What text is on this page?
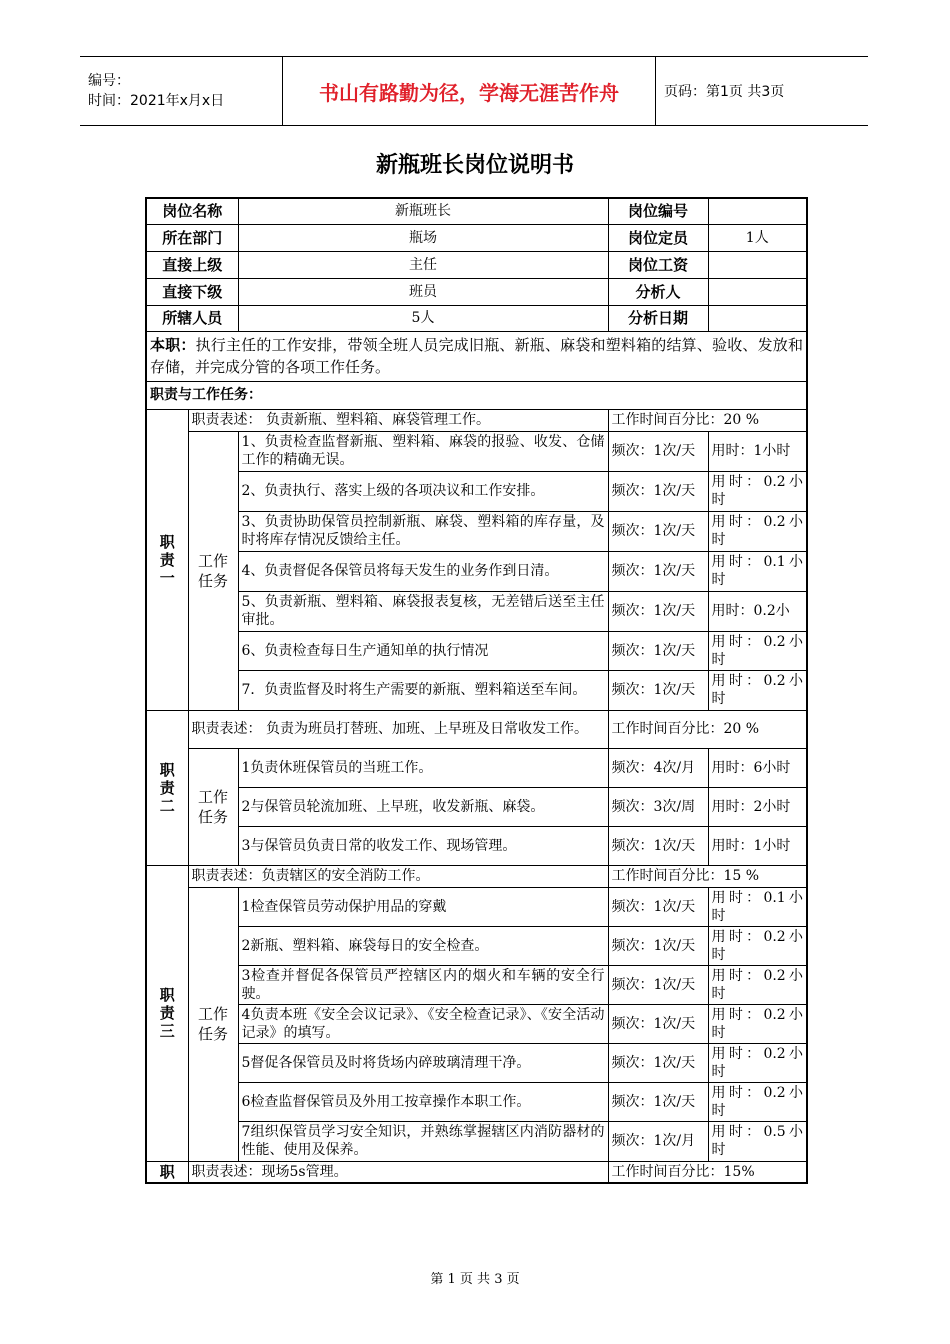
编号：
时间：2021年x月x日	书山有路勤为径，学海无涯苦作舟	页码：第1页 共3页
新瓶班长岗位说明书
岗位名称		新瓶班长	岗位编号	
所在部门		瓶场	岗位定员	1人
直接上级		主任	岗位工资	
直接下级		班员	分析人	
所辖人员		5人	分析日期	
本职：执行主任的工作安排，带领全班人员完成旧瓶、新瓶、麻袋和塑料箱的结算、验收、发放和存储，并完成分管的各项工作任务。				
职责与工作任务：				
职责一	职责表述： 负责新瓶、塑料箱、麻袋管理工作。		工作时间百分比：20 %	
	工作任务	1、负责检查监督新瓶、塑料箱、麻袋的报验、收发、仓储工作的精确无误。	频次：1次/天	用时：1小时
		2、负责执行、落实上级的各项决议和工作安排。	频次：1次/天	用时：0.2小时
		3、负责协助保管员控制新瓶、麻袋、塑料箱的库存量，及时将库存情况反馈给主任。	频次：1次/天	用时：0.2小时
		4、负责督促各保管员将每天发生的业务作到日清。	频次：1次/天	用时：0.1小时
		5、负责新瓶、塑料箱、麻袋报表复核，无差错后送至主任审批。	频次：1次/天	用时：0.2小
		6、负责检查每日生产通知单的执行情况	频次：1次/天	用时：0.2小时
		7．负责监督及时将生产需要的新瓶、塑料箱送至车间。	频次：1次/天	用时：0.2小时
职责二	职责表述： 负责为班员打替班、加班、上早班及日常收发工作。		工作时间百分比：20 %	
	工作任务	1负责休班保管员的当班工作。	频次：4次/月	用时：6小时
		2与保管员轮流加班、上早班，收发新瓶、麻袋。	频次：3次/周	用时：2小时
		3与保管员负责日常的收发工作、现场管理。	频次：1次/天	用时：1小时
职责三	职责表述：负责辖区的安全消防工作。		工作时间百分比：15 %	
	工作任务	1检查保管员劳动保护用品的穿戴	频次：1次/天	用时：0.1小时
		2新瓶、塑料箱、麻袋每日的安全检查。	频次：1次/天	用时：0.2小时
		3检查并督促各保管员严控辖区内的烟火和车辆的安全行驶。	频次：1次/天	用时：0.2小时
		4负责本班《安全会议记录》、《安全检查记录》、《安全活动记录》的填写。	频次：1次/天	用时：0.2小时
		5督促各保管员及时将货场内碎玻璃清理干净。	频次：1次/天	用时：0.2小时
		6检查监督保管员及外用工按章操作本职工作。	频次：1次/天	用时：0.2小时
		7组织保管员学习安全知识，并熟练掌握辖区内消防器材的性能、使用及保养。	频次：1次/月	用时：0.5小时
职	职责表述：现场5s管理。		工作时间百分比：15%	
第 1 页 共 3 页
